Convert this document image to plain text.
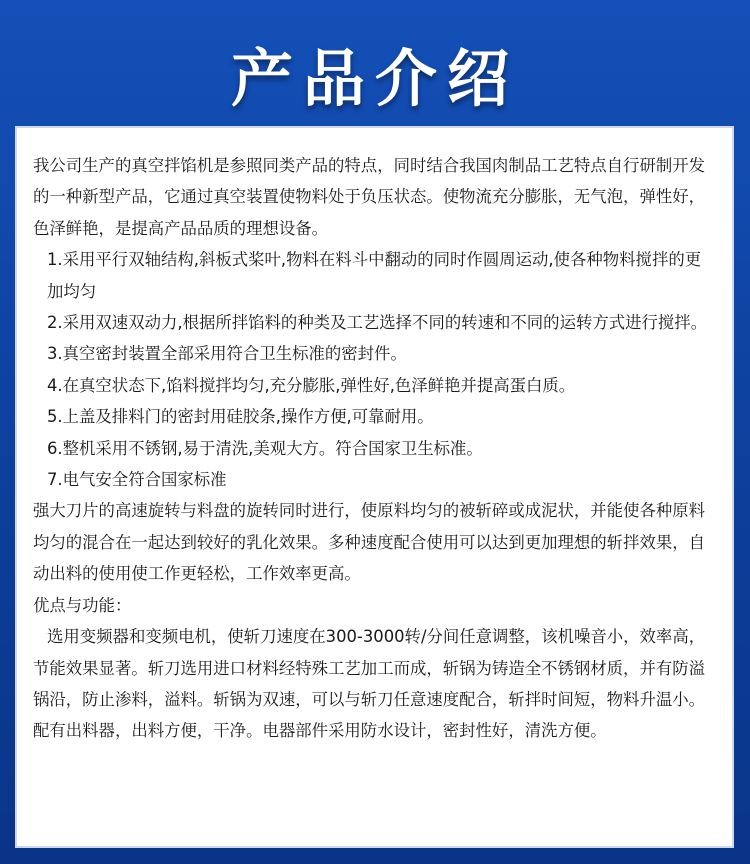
产品介绍

我公司生产的真空拌馅机是参照同类产品的特点，同时结合我国肉制品工艺特点自行研制开发的一种新型产品，它通过真空装置使物料处于负压状态。使物流充分膨胀，无气泡，弹性好，色泽鲜艳，是提高产品品质的理想设备。

1.采用平行双轴结构,斜板式桨叶,物料在料斗中翻动的同时作圆周运动,使各种物料搅拌的更加均匀

2.采用双速双动力,根据所拌馅料的种类及工艺选择不同的转速和不同的运转方式进行搅拌。

3.真空密封装置全部采用符合卫生标准的密封件。

4.在真空状态下,馅料搅拌均匀,充分膨胀,弹性好,色泽鲜艳并提高蛋白质。

5.上盖及排料门的密封用硅胶条,操作方便,可靠耐用。

6.整机采用不锈钢,易于清洗,美观大方。符合国家卫生标准。

7.电气安全符合国家标准

强大刀片的高速旋转与料盘的旋转同时进行，使原料均匀的被斩碎或成泥状，并能使各种原料均匀的混合在一起达到较好的乳化效果。多种速度配合使用可以达到更加理想的斩拌效果，自动出料的使用使工作更轻松，工作效率更高。

优点与功能：

选用变频器和变频电机，使斩刀速度在300-3000转/分间任意调整，该机噪音小，效率高，节能效果显著。斩刀选用进口材料经特殊工艺加工而成，斩锅为铸造全不锈钢材质，并有防溢锅沿，防止渗料，溢料。斩锅为双速，可以与斩刀任意速度配合，斩拌时间短，物料升温小。配有出料器，出料方便，干净。电器部件采用防水设计，密封性好，清洗方便。
